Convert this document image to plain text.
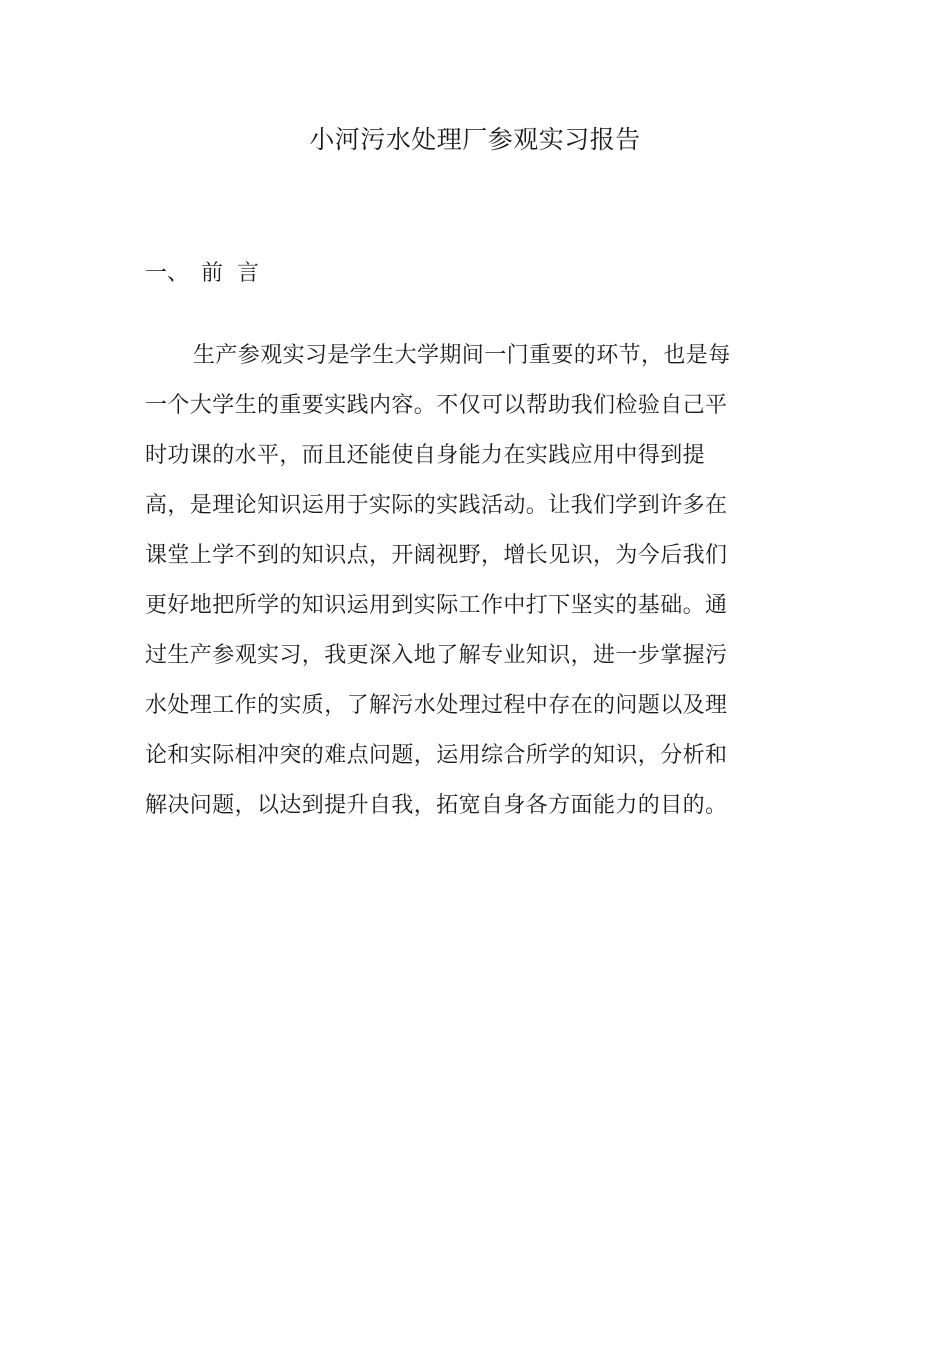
小河污水处理厂参观实习报告
一、 前言
生产参观实习是学生大学期间一门重要的环节，也是每
一个大学生的重要实践内容。不仅可以帮助我们检验自己平
时功课的水平，而且还能使自身能力在实践应用中得到提
高，是理论知识运用于实际的实践活动。让我们学到许多在
课堂上学不到的知识点，开阔视野，增长见识，为今后我们
更好地把所学的知识运用到实际工作中打下坚实的基础。通
过生产参观实习，我更深入地了解专业知识，进一步掌握污
水处理工作的实质，了解污水处理过程中存在的问题以及理
论和实际相冲突的难点问题，运用综合所学的知识，分析和
解决问题，以达到提升自我，拓宽自身各方面能力的目的。
